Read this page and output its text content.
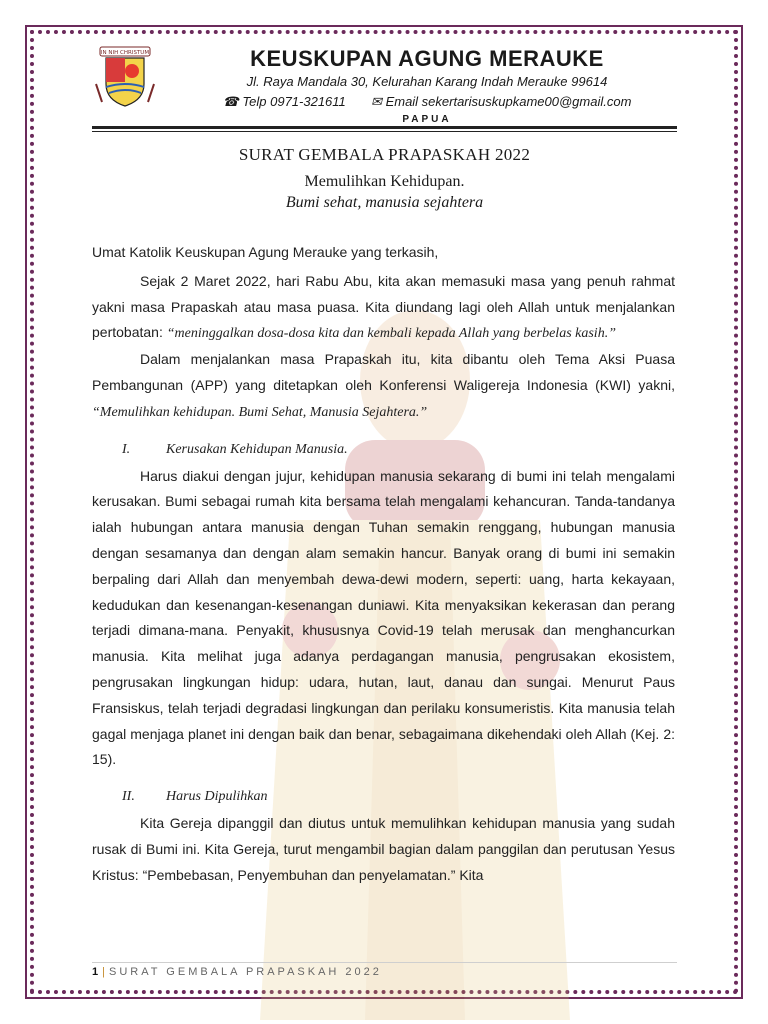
IN NIH CHRISTUM	KEUSKUPAN AGUNG MERAUKE
Jl. Raya Mandala 30, Kelurahan Karang Indah Merauke 99614
☎ Telp 0971-321611 ✉ Email sekertarisuskupkame00@gmail.com
PAPUA
SURAT GEMBALA PRAPASKAH 2022
Memulihkan Kehidupan.
Bumi sehat, manusia sejahtera

Umat Katolik Keuskupan Agung Merauke yang terkasih,

Sejak 2 Maret 2022, hari Rabu Abu, kita akan memasuki masa yang penuh rahmat yakni masa Prapaskah atau masa puasa. Kita diundang lagi oleh Allah untuk menjalankan pertobatan: “meninggalkan dosa-dosa kita dan kembali kepada Allah yang berbelas kasih.”

Dalam menjalankan masa Prapaskah itu, kita dibantu oleh Tema Aksi Puasa Pembangunan (APP) yang ditetapkan oleh Konferensi Waligereja Indonesia (KWI) yakni, “Memulihkan kehidupan. Bumi Sehat, Manusia Sejahtera.”

I.	Kerusakan Kehidupan Manusia.

Harus diakui dengan jujur, kehidupan manusia sekarang di bumi ini telah mengalami kerusakan. Bumi sebagai rumah kita bersama telah mengalami kehancuran. Tanda-tandanya ialah hubungan antara manusia dengan Tuhan semakin renggang, hubungan manusia dengan sesamanya dan dengan alam semakin hancur. Banyak orang di bumi ini semakin berpaling dari Allah dan menyembah dewa-dewi modern, seperti: uang, harta kekayaan, kedudukan dan kesenangan-kesenangan duniawi. Kita menyaksikan kekerasan dan perang terjadi dimana-mana. Penyakit, khususnya Covid-19 telah merusak dan menghancurkan manusia. Kita melihat juga adanya perdagangan manusia, pengrusakan ekosistem, pengrusakan lingkungan hidup: udara, hutan, laut, danau dan sungai. Menurut Paus Fransiskus, telah terjadi degradasi lingkungan dan perilaku konsumeristis. Kita manusia telah gagal menjaga planet ini dengan baik dan benar, sebagaimana dikehendaki oleh Allah (Kej. 2: 15).

II. Harus Dipulihkan

Kita Gereja dipanggil dan diutus untuk memulihkan kehidupan manusia yang sudah rusak di Bumi ini. Kita Gereja, turut mengambil bagian dalam panggilan dan perutusan Yesus Kristus: “Pembebasan, Penyembuhan dan penyelamatan.” Kita

1 | SURAT GEMBALA PRAPASKAH 2022
